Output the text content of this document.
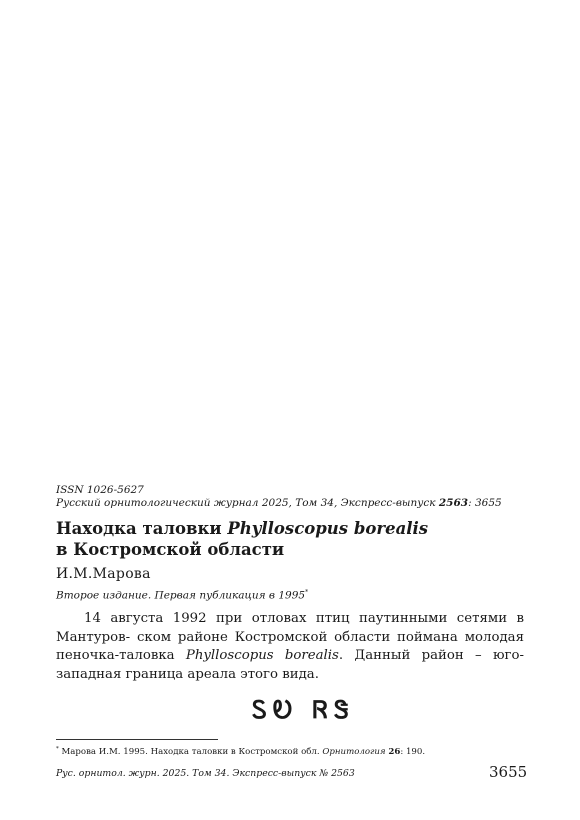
ISSN 1026-5627
Русский орнитологический журнал 2025, Том 34, Экспресс-выпуск 2563: 3655
Находка таловки Phylloscopus borealis
в Костромской области
И.М.Марова
Второе издание. Первая публикация в 1995*
14 августа 1992 при отловах птиц паутинными сетями в Мантуров- ском районе Костромской области поймана молодая пеночка-таловка Phylloscopus borealis. Данный район – юго-западная граница ареала этого вида.
ᏚᎧ ᏒᏕ
* Марова И.М. 1995. Находка таловки в Костромской обл. Орнитология 26: 190.
Рус. орнитол. журн. 2025. Том 34. Экспресс-выпуск № 2563	3655
